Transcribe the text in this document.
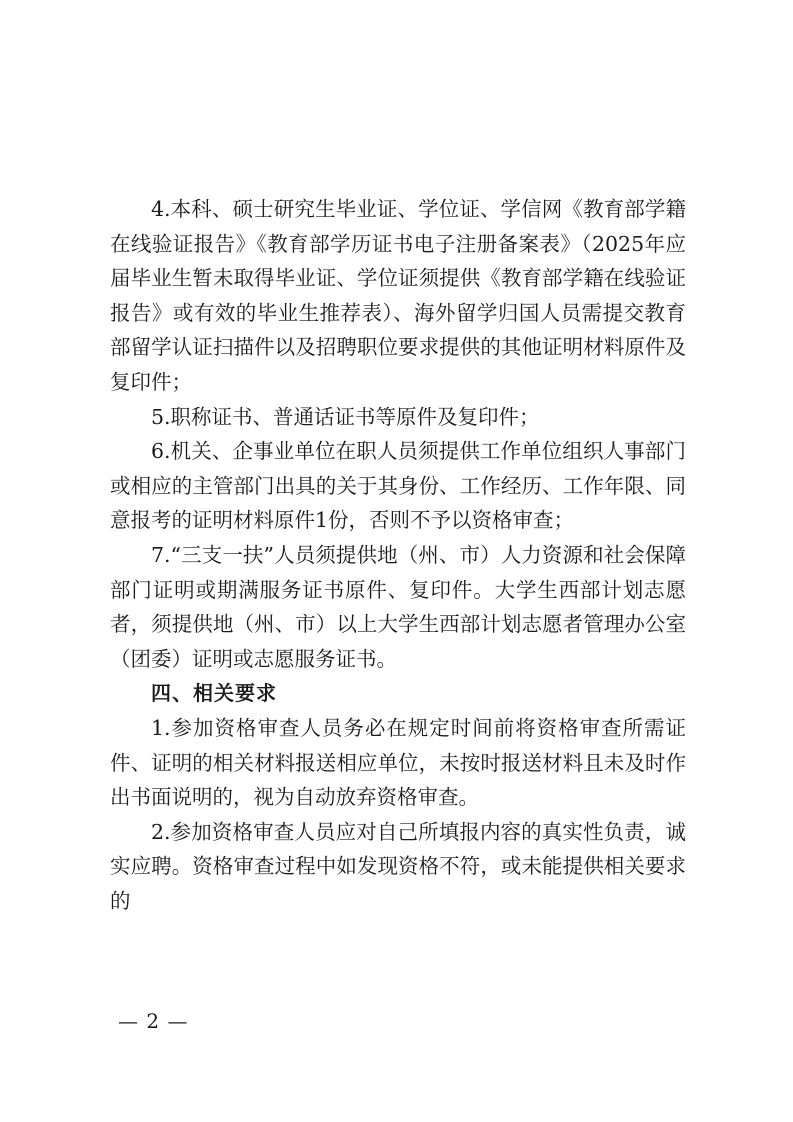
4.本科、硕士研究生毕业证、学位证、学信网《教育部学籍在线验证报告》《教育部学历证书电子注册备案表》（2025年应届毕业生暂未取得毕业证、学位证须提供《教育部学籍在线验证报告》或有效的毕业生推荐表）、海外留学归国人员需提交教育部留学认证扫描件以及招聘职位要求提供的其他证明材料原件及复印件；

5.职称证书、普通话证书等原件及复印件；

6.机关、企事业单位在职人员须提供工作单位组织人事部门或相应的主管部门出具的关于其身份、工作经历、工作年限、同意报考的证明材料原件1份，否则不予以资格审查；

7.“三支一扶”人员须提供地（州、市）人力资源和社会保障部门证明或期满服务证书原件、复印件。大学生西部计划志愿者，须提供地（州、市）以上大学生西部计划志愿者管理办公室（团委）证明或志愿服务证书。

四、相关要求

1.参加资格审查人员务必在规定时间前将资格审查所需证件、证明的相关材料报送相应单位，未按时报送材料且未及时作出书面说明的，视为自动放弃资格审查。

2.参加资格审查人员应对自己所填报内容的真实性负责，诚实应聘。资格审查过程中如发现资格不符，或未能提供相关要求的

— 2 —
